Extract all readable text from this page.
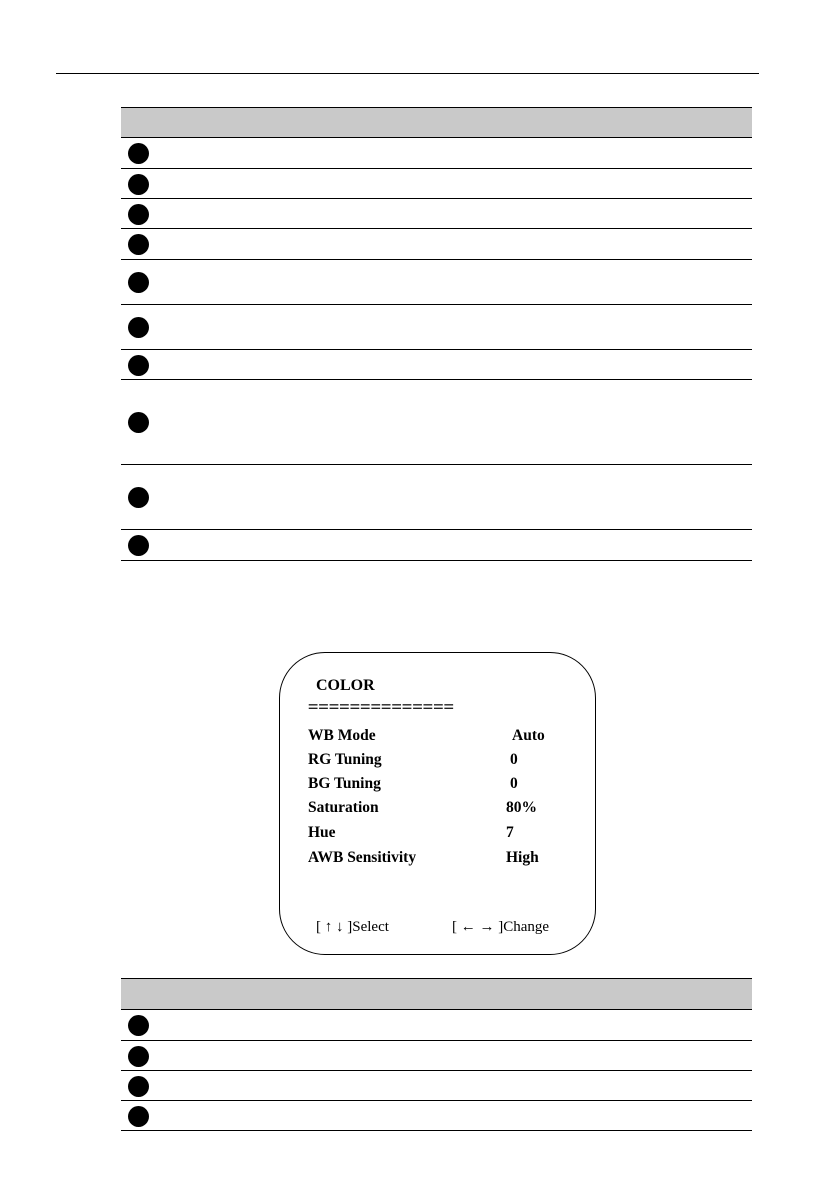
COLOR
==============
WB Mode	Auto
RG Tuning	0
BG Tuning	0
Saturation	80%
Hue	7
AWB Sensitivity	High
[ ↑ ↓ ]Select	[ ← → ]Change
